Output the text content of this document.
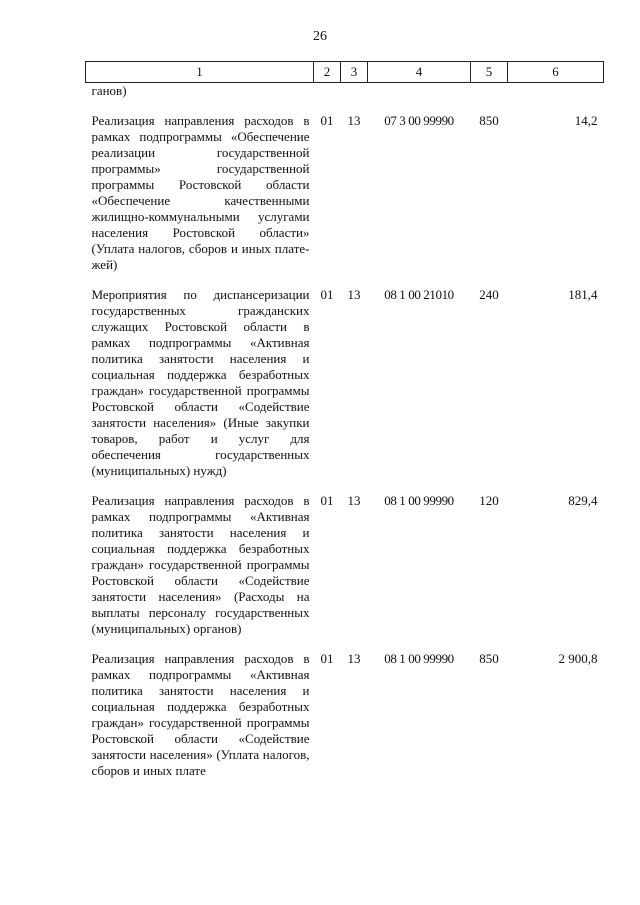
26
1	2	3	4	5	6
ганов)					
Реализация направления расходов в рамках подпрограммы «Обеспечение реализации государственной программы» государственной программы Ростовской области «Обеспечение качественными жилищно-коммунальными услугами населения Ростовской области» (Уплата налогов, сборов и иных платежей)	01	13	07 3 00 99990	850	14,2
Мероприятия по диспансеризации государственных гражданских служащих Ростовской области в рамках подпрограммы «Активная политика занятости населения и социальная поддержка безработных граждан» государственной программы Ростовской области «Содействие занятости населения» (Иные закупки товаров, работ и услуг для обеспечения государственных (муниципальных) нужд)	01	13	08 1 00 21010	240	181,4
Реализация направления расходов в рамках подпрограммы «Активная политика занятости населения и социальная поддержка безработных граждан» государственной программы Ростовской области «Содействие занятости населения» (Расходы на выплаты персоналу государственных (муниципальных) органов)	01	13	08 1 00 99990	120	829,4
Реализация направления расходов в рамках подпрограммы «Активная политика занятости населения и социальная поддержка безработных граждан» государственной программы Ростовской области «Содействие занятости населения» (Уплата налогов, сборов и иных плате	01	13	08 1 00 99990	850	2 900,8
